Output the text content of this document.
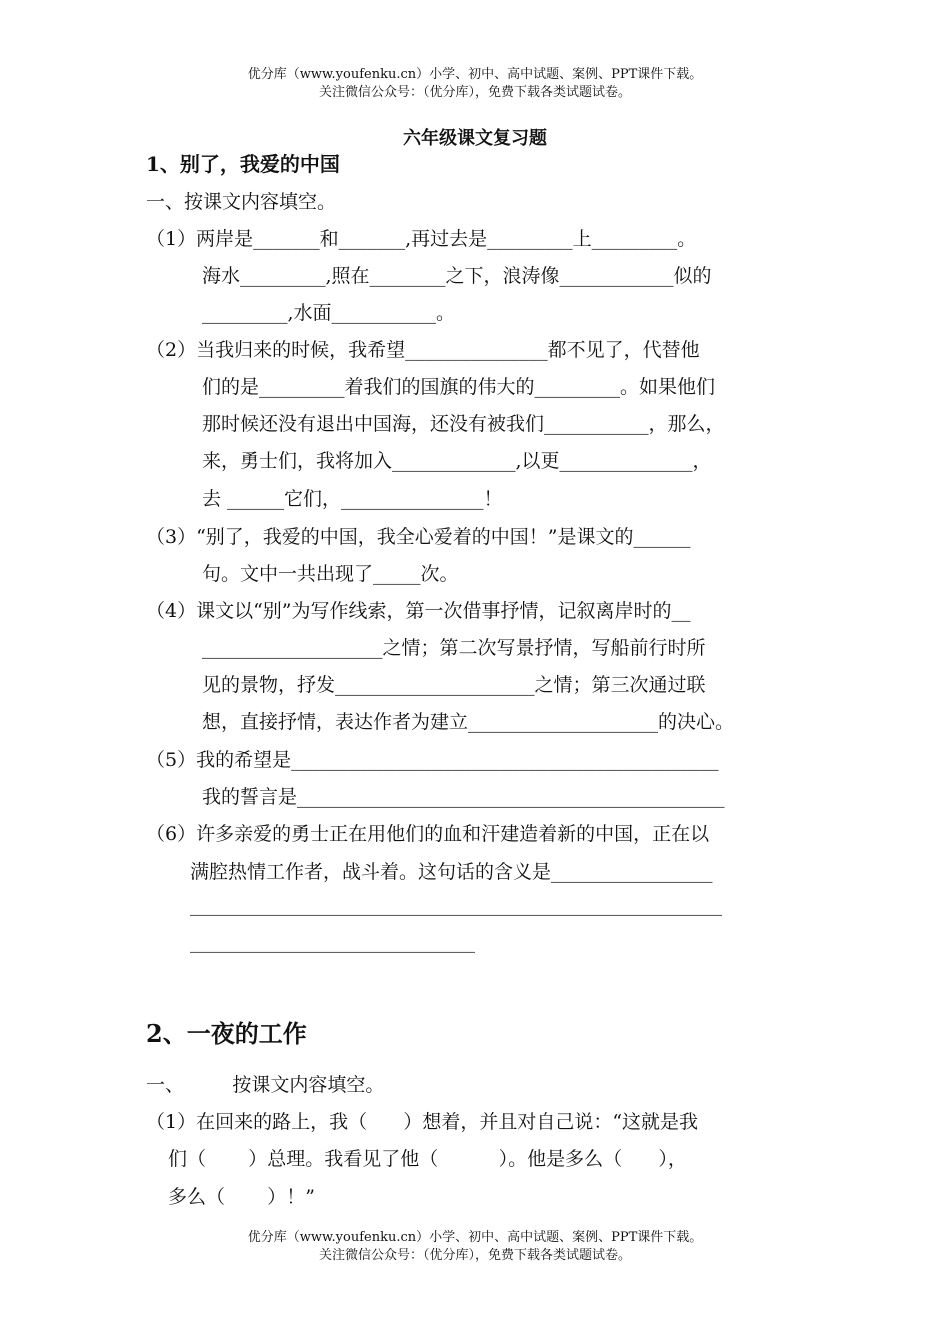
优分库（www.youfenku.cn）小学、初中、高中试题、案例、PPT课件下载。
关注微信公众号：（优分库），免费下载各类试题试卷。
六年级课文复习题
1、别了，我爱的中国
一、按课文内容填空。
（1）两岸是_______和_______,再过去是_________上_________。
海水_________,照在________之下，浪涛像____________似的
_________,水面___________。
（2）当我归来的时候，我希望_______________都不见了，代替他
们的是_________着我们的国旗的伟大的_________。如果他们
那时候还没有退出中国海，还没有被我们___________，那么，
来，勇士们，我将加入_____________,以更______________，
去 ______它们，_______________！
（3）“别了，我爱的中国，我全心爱着的中国！”是课文的______
句。文中一共出现了_____次。
（4）课文以“别”为写作线索，第一次借事抒情，记叙离岸时的__
___________________之情；第二次写景抒情，写船前行时所
见的景物，抒发_____________________之情；第三次通过联
想，直接抒情，表达作者为建立____________________的决心。
（5）我的希望是_____________________________________________
我的誓言是_____________________________________________
（6）许多亲爱的勇士正在用他们的血和汗建造着新的中国，正在以
满腔热情工作者，战斗着。这句话的含义是_________________
________________________________________________________
______________________________
2、一夜的工作
一、        按课文内容填空。
（1）在回来的路上，我（      ）想着，并且对自己说：“这就是我
们（       ）总理。我看见了他（          ）。他是多么（      ），
多么（       ）！”
优分库（www.youfenku.cn）小学、初中、高中试题、案例、PPT课件下载。
关注微信公众号：（优分库），免费下载各类试题试卷。
